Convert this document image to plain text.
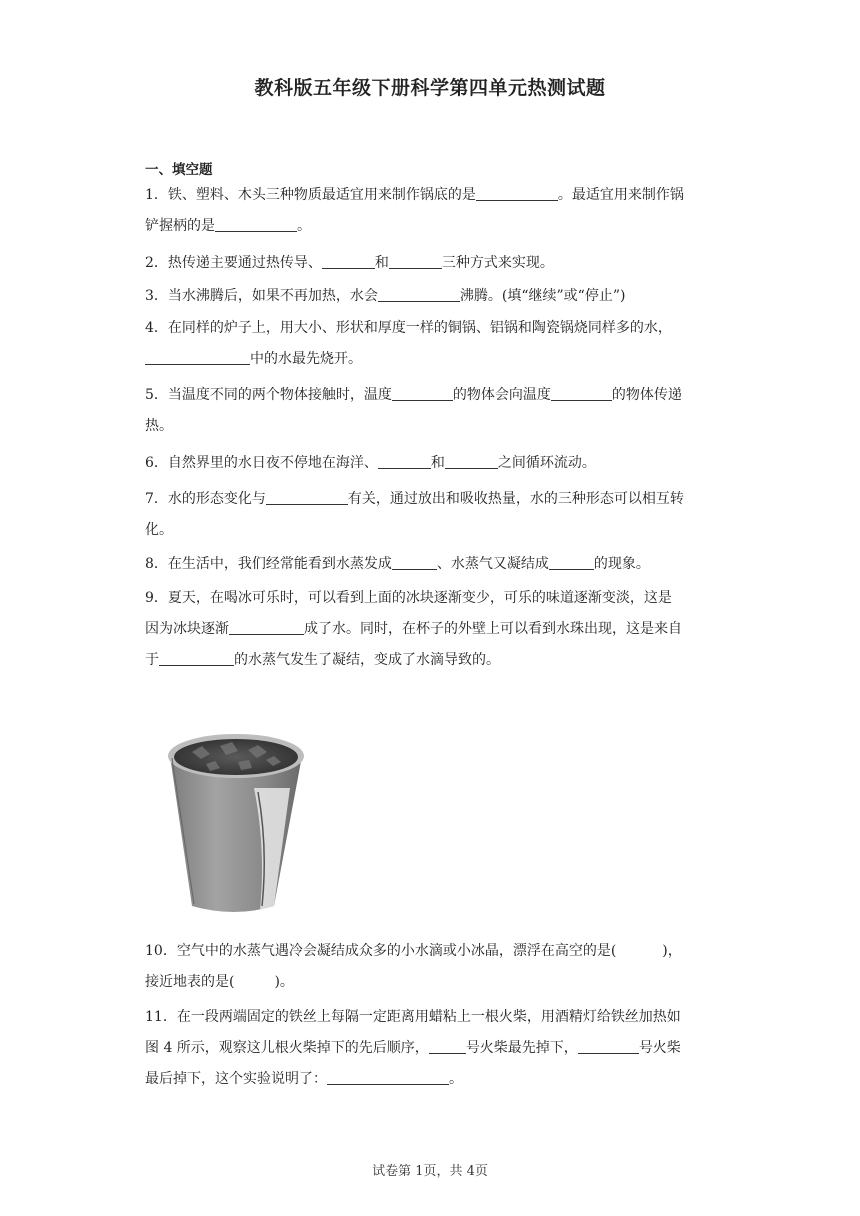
教科版五年级下册科学第四单元热测试题
一、填空题
1．铁、塑料、木头三种物质最适宜用来制作锅底的是	。最适宜用来制作锅
铲握柄的是	。
2．热传递主要通过热传导、	和	三种方式来实现。
3．当水沸腾后，如果不再加热，水会	沸腾。(填“继续”或“停止”)
4．在同样的炉子上，用大小、形状和厚度一样的铜锅、铝锅和陶瓷锅烧同样多的水，
中的水最先烧开。
5．当温度不同的两个物体接触时，温度	的物体会向温度	的物体传递
热。
6．自然界里的水日夜不停地在海洋、	和	之间循环流动。
7．水的形态变化与	有关，通过放出和吸收热量，水的三种形态可以相互转
化。
8．在生活中，我们经常能看到水蒸发成	、水蒸气又凝结成	的现象。
9．夏天，在喝冰可乐时，可以看到上面的冰块逐渐变少，可乐的味道逐渐变淡，这是
因为冰块逐渐	成了水。同时，在杯子的外壁上可以看到水珠出现，这是来自
于	的水蒸气发生了凝结，变成了水滴导致的。
10．空气中的水蒸气遇冷会凝结成众多的小水滴或小冰晶，漂浮在高空的是(	)，
接近地表的是(	)。
11．在一段两端固定的铁丝上每隔一定距离用蜡粘上一根火柴，用酒精灯给铁丝加热如
图 4 所示，观察这儿根火柴掉下的先后顺序，	号火柴最先掉下，	号火柴
最后掉下，这个实验说明了：	。
试卷第 1页，共 4页
